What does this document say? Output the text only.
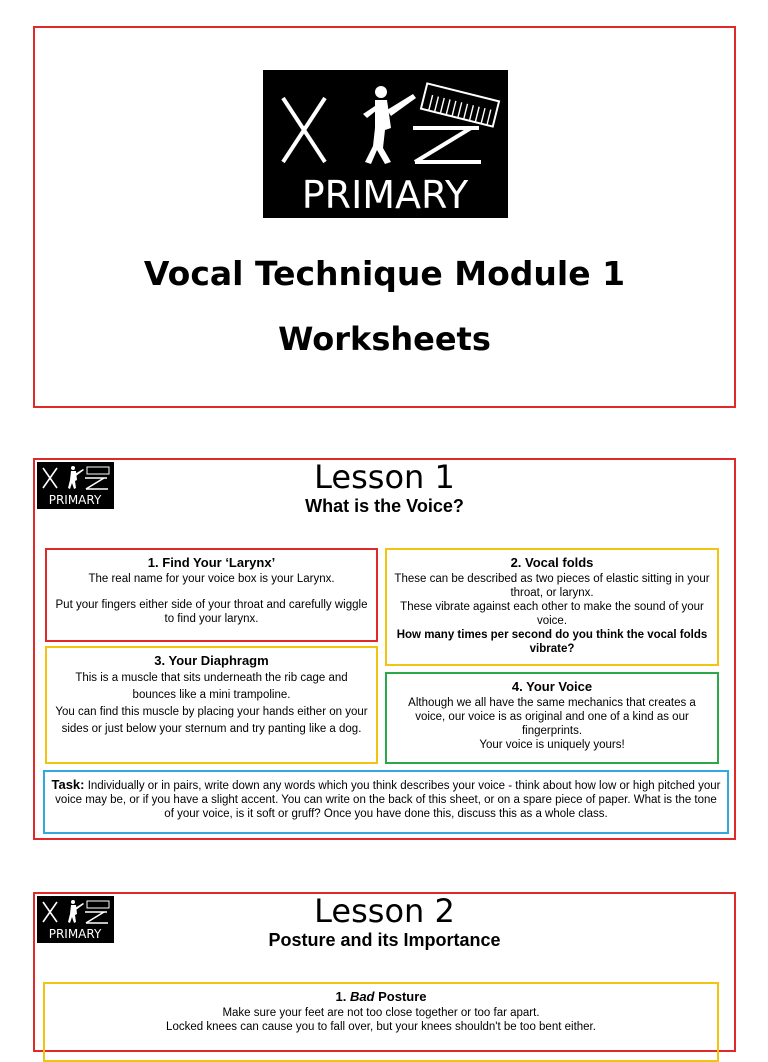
PRIMARY
Vocal Technique Module 1
Worksheets
PRIMARY
Lesson 1
What is the Voice?
1. Find Your ‘Larynx’

The real name for your voice box is your Larynx.

Put your fingers either side of your throat and carefully wiggle to find your larynx.

2. Vocal folds

These can be described as two pieces of elastic sitting in your throat, or larynx.

These vibrate against each other to make the sound of your voice.

How many times per second do you think the vocal folds vibrate?

3. Your Diaphragm

This is a muscle that sits underneath the rib cage and bounces like a mini trampoline.

You can find this muscle by placing your hands either on your sides or just below your sternum and try panting like a dog.

4. Your Voice

Although we all have the same mechanics that creates a voice, our voice is as original and one of a kind as our fingerprints.

Your voice is uniquely yours!

Task: Individually or in pairs, write down any words which you think describes your voice - think about how low or high pitched your voice may be, or if you have a slight accent. You can write on the back of this sheet, or on a spare piece of paper. What is the tone of your voice, is it soft or gruff? Once you have done this, discuss this as a whole class.
PRIMARY
Lesson 2
Posture and its Importance
1. Bad Posture

Make sure your feet are not too close together or too far apart.

Locked knees can cause you to fall over, but your knees shouldn't be too bent either.
